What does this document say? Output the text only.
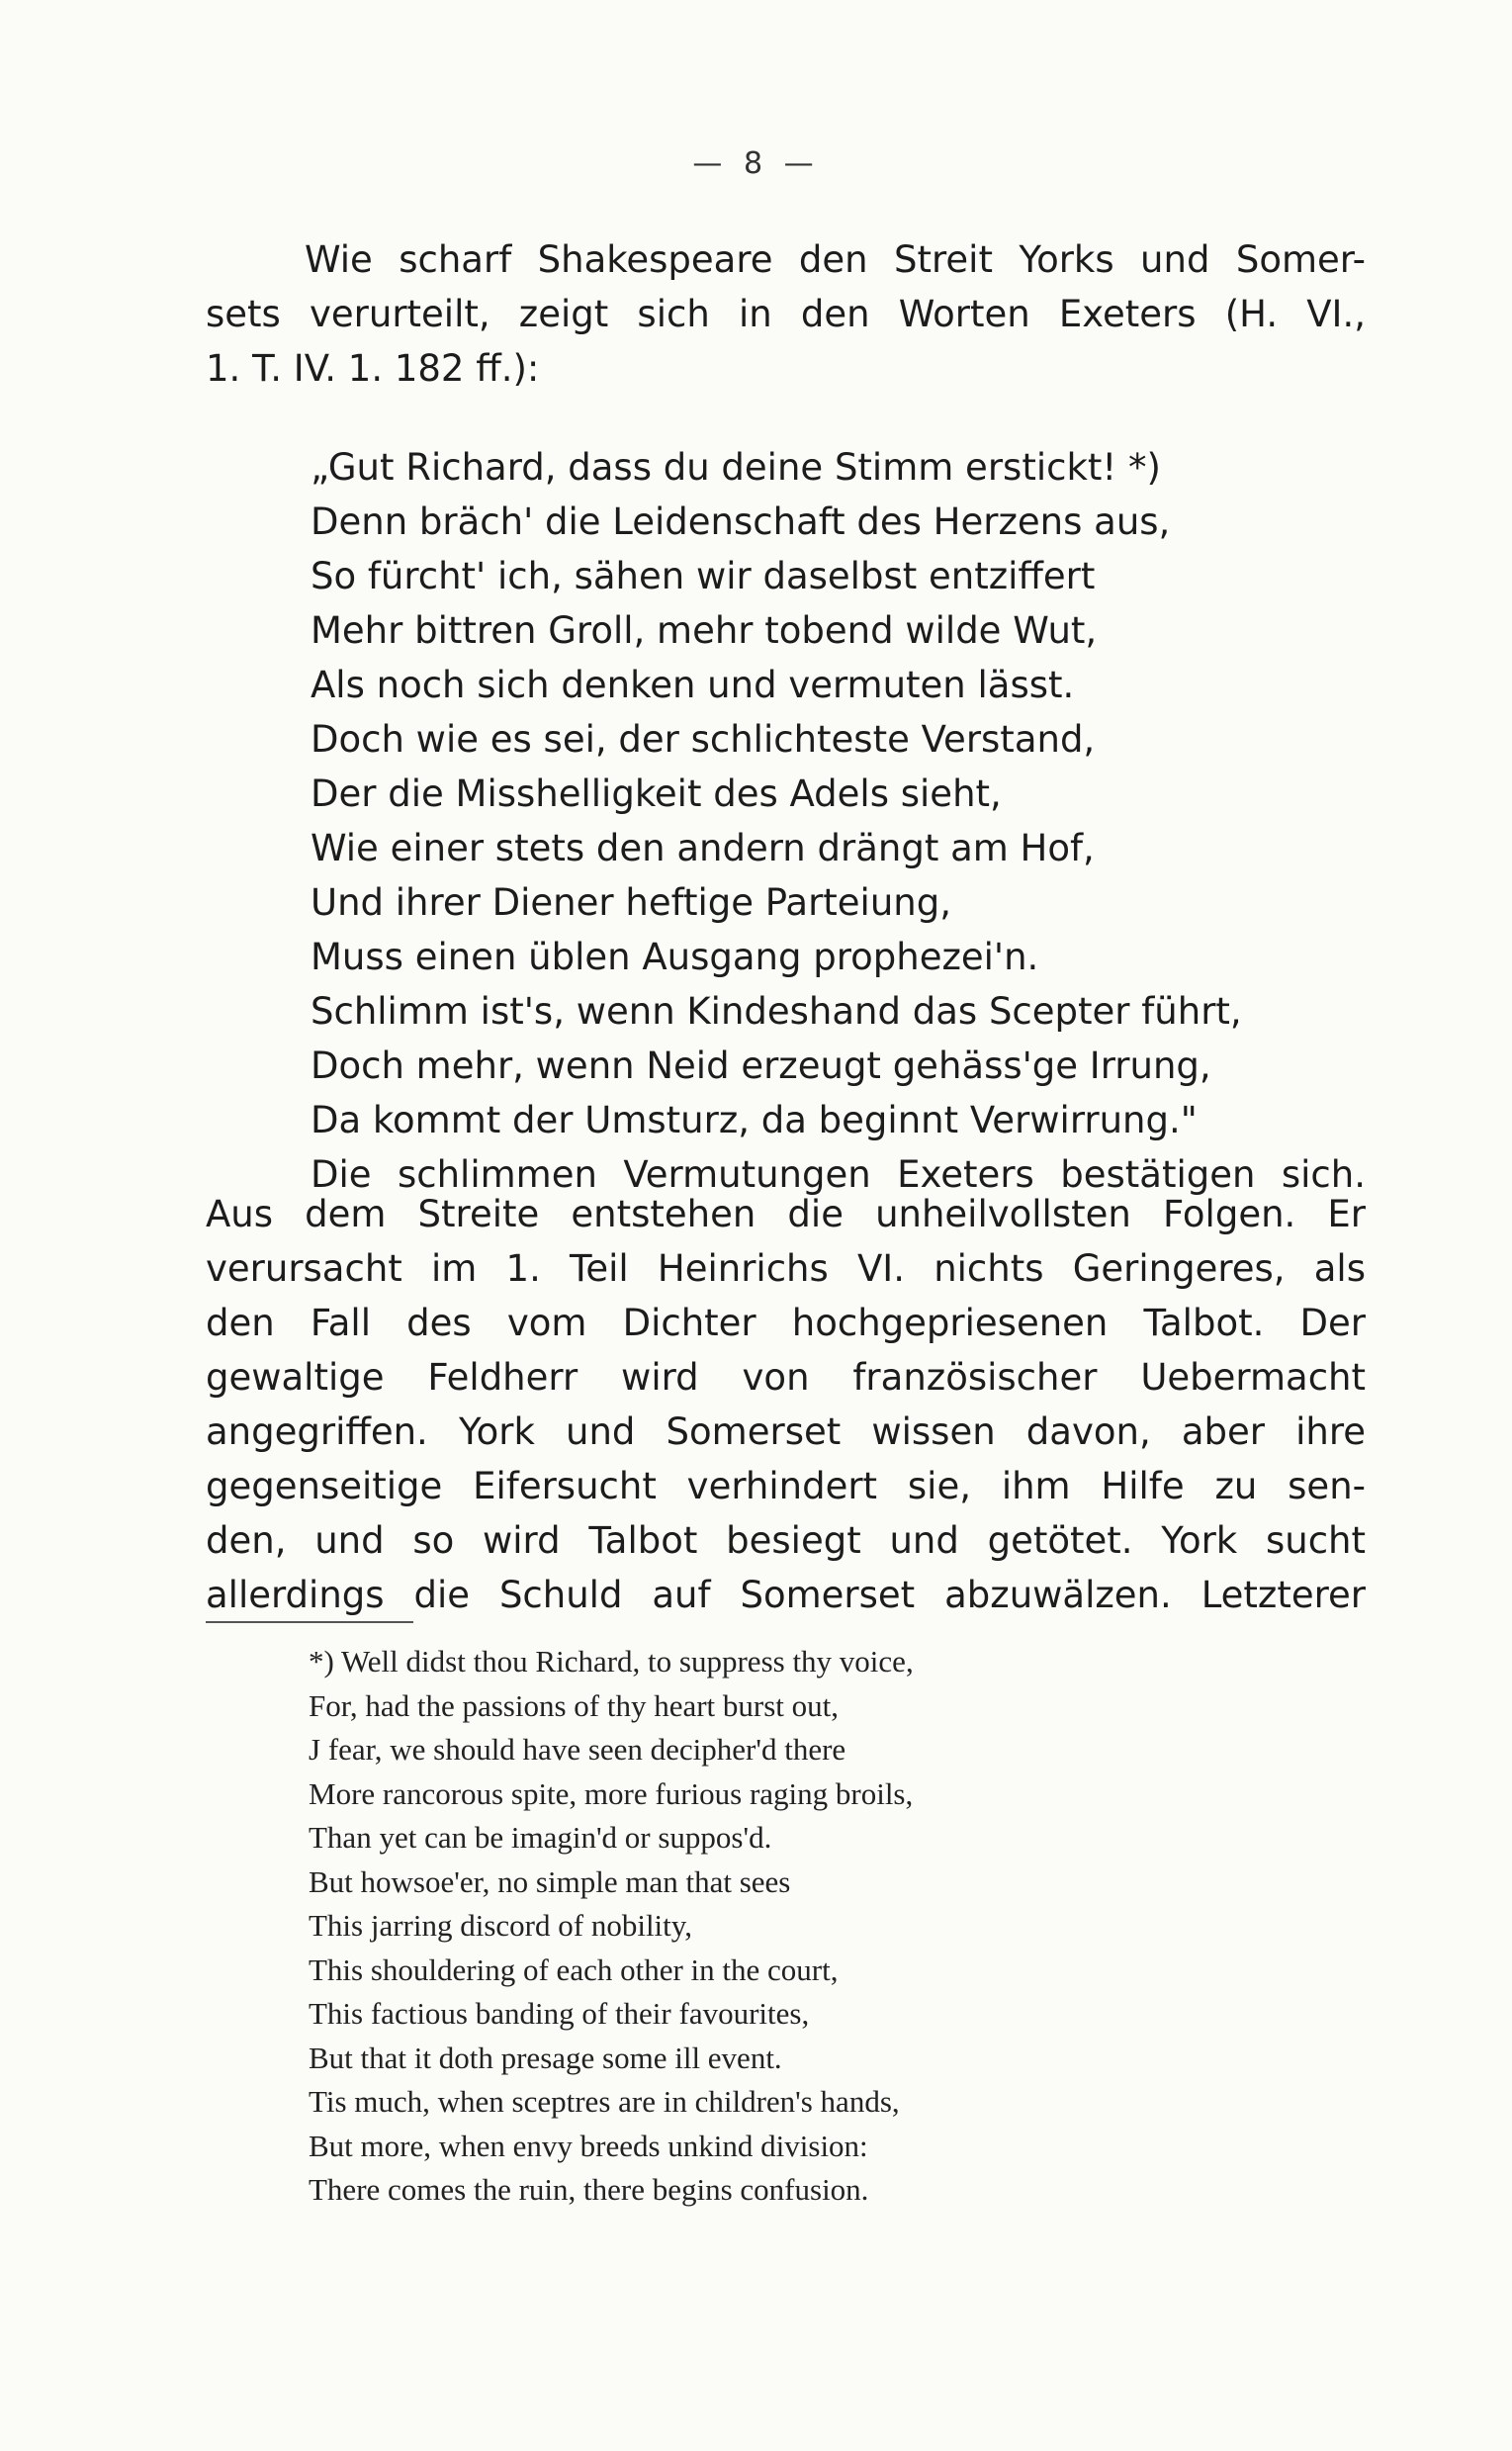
— 8 —
Wie scharf Shakespeare den Streit Yorks und Somer-
sets verurteilt, zeigt sich in den Worten Exeters (H. VI.,
1. T. IV. 1. 182 ff.):
„Gut Richard, dass du deine Stimm erstickt! *)
Denn bräch' die Leidenschaft des Herzens aus,
So fürcht' ich, sähen wir daselbst entziffert
Mehr bittren Groll, mehr tobend wilde Wut,
Als noch sich denken und vermuten lässt.
Doch wie es sei, der schlichteste Verstand,
Der die Misshelligkeit des Adels sieht,
Wie einer stets den andern drängt am Hof,
Und ihrer Diener heftige Parteiung,
Muss einen üblen Ausgang prophezei'n.
Schlimm ist's, wenn Kindeshand das Scepter führt,
Doch mehr, wenn Neid erzeugt gehäss'ge Irrung,
Da kommt der Umsturz, da beginnt Verwirrung."
Die schlimmen Vermutungen Exeters bestätigen sich.
Aus dem Streite entstehen die unheilvollsten Folgen. Er
verursacht im 1. Teil Heinrichs VI. nichts Geringeres, als
den Fall des vom Dichter hochgepriesenen Talbot. Der
gewaltige Feldherr wird von französischer Uebermacht
angegriffen. York und Somerset wissen davon, aber ihre
gegenseitige Eifersucht verhindert sie, ihm Hilfe zu sen-
den, und so wird Talbot besiegt und getötet. York sucht
allerdings die Schuld auf Somerset abzuwälzen. Letzterer
*) Well didst thou Richard, to suppress thy voice,
For, had the passions of thy heart burst out,
J fear, we should have seen decipher'd there
More rancorous spite, more furious raging broils,
Than yet can be imagin'd or suppos'd.
But howsoe'er, no simple man that sees
This jarring discord of nobility,
This shouldering of each other in the court,
This factious banding of their favourites,
But that it doth presage some ill event.
Tis much, when sceptres are in children's hands,
But more, when envy breeds unkind division:
There comes the ruin, there begins confusion.
